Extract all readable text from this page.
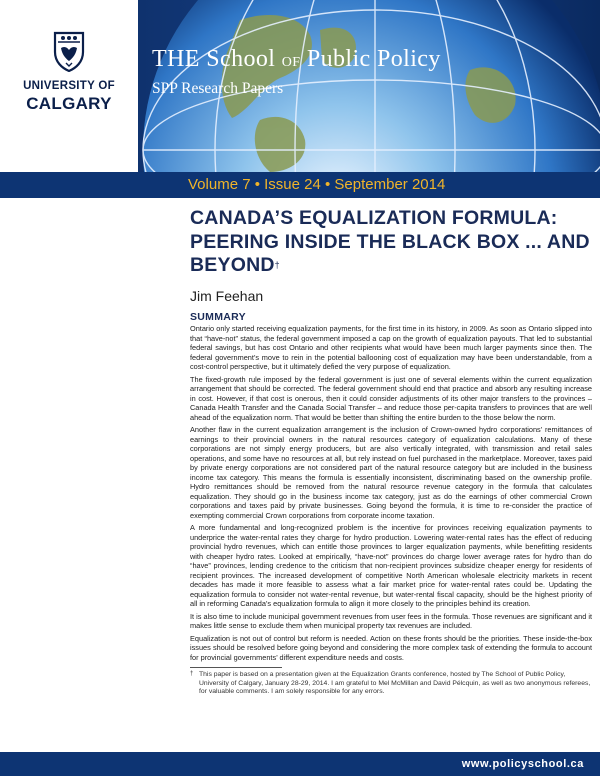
UNIVERSITY OF
CALGARY
THE School OF Public Policy
SPP Research Papers
Volume 7 • Issue 24 • September 2014
CANADA’S EQUALIZATION FORMULA: PEERING INSIDE THE BLACK BOX ... AND BEYOND†
Jim Feehan
SUMMARY

Ontario only started receiving equalization payments, for the first time in its history, in 2009. As soon as Ontario slipped into that “have-not” status, the federal government imposed a cap on the growth of equalization payouts. That led to substantial federal savings, but has cost Ontario and other recipients what would have been much larger payments since then. The federal government’s move to rein in the potential ballooning cost of equalization may have been understandable, from a cost-control perspective, but it ultimately defied the very purpose of equalization.

The fixed-growth rule imposed by the federal government is just one of several elements within the current equalization arrangement that should be corrected. The federal government should end that practice and absorb any resulting increase in cost. However, if that cost is onerous, then it could consider adjustments of its other major transfers to the provinces – Canada Health Transfer and the Canada Social Transfer – and reduce those per-capita transfers to provinces that are well ahead of the equalization norm. That would be better than shifting the entire burden to the those below the norm.

Another flaw in the current equalization arrangement is the inclusion of Crown-owned hydro corporations’ remittances of earnings to their provincial owners in the natural resources category of equalization calculations. Many of these corporations are not simply energy producers, but are also vertically integrated, with transmission and retail sales operations, and some have no resources at all, but rely instead on fuel purchased in the marketplace. Moreover, taxes paid by private energy corporations are not considered part of the natural resource category but are included in the business income tax category. This means the formula is essentially inconsistent, discriminating based on the ownership profile. Hydro remittances should be removed from the natural resource revenue category in the formula that calculates equalization. They should go in the business income tax category, just as do the earnings of other commercial Crown corporations and taxes paid by private businesses. Going beyond the formula, it is time to re-consider the practice of exempting commercial Crown corporations from corporate income taxation.

A more fundamental and long-recognized problem is the incentive for provinces receiving equalization payments to underprice the water-rental rates they charge for hydro production. Lowering water-rental rates has the effect of reducing provincial hydro revenues, which can entitle those provinces to larger equalization payments, while benefitting residents with cheaper hydro rates. Looked at empirically, “have-not” provinces do charge lower average rates for hydro than do “have” provinces, lending credence to the criticism that non-recipient provinces subsidize cheaper energy for residents of recipient provinces. The increased development of competitive North American wholesale electricity markets in recent decades has made it more feasible to assess what a fair market price for water-rental rates could be. Updating the equalization formula to consider not water-rental revenue, but water-rental fiscal capacity, should be the highest priority of all in reforming Canada’s equalization formula to align it more closely to the principles behind its creation.

It is also time to include municipal government revenues from user fees in the formula. Those revenues are significant and it makes little sense to exclude them when municipal property tax revenues are included.

Equalization is not out of control but reform is needed. Action on these fronts should be the priorities. These inside-the-box issues should be resolved before going beyond and considering the more complex task of extending the formula to account for provincial governments’ different expenditure needs and costs.

† This paper is based on a presentation given at the Equalization Grants conference, hosted by The School of Public Policy, University of Calgary, January 28-29, 2014. I am grateful to Mel McMillan and David Pélcquin, as well as two anonymous referees, for valuable comments. I am solely responsible for any errors.
www.policyschool.ca
